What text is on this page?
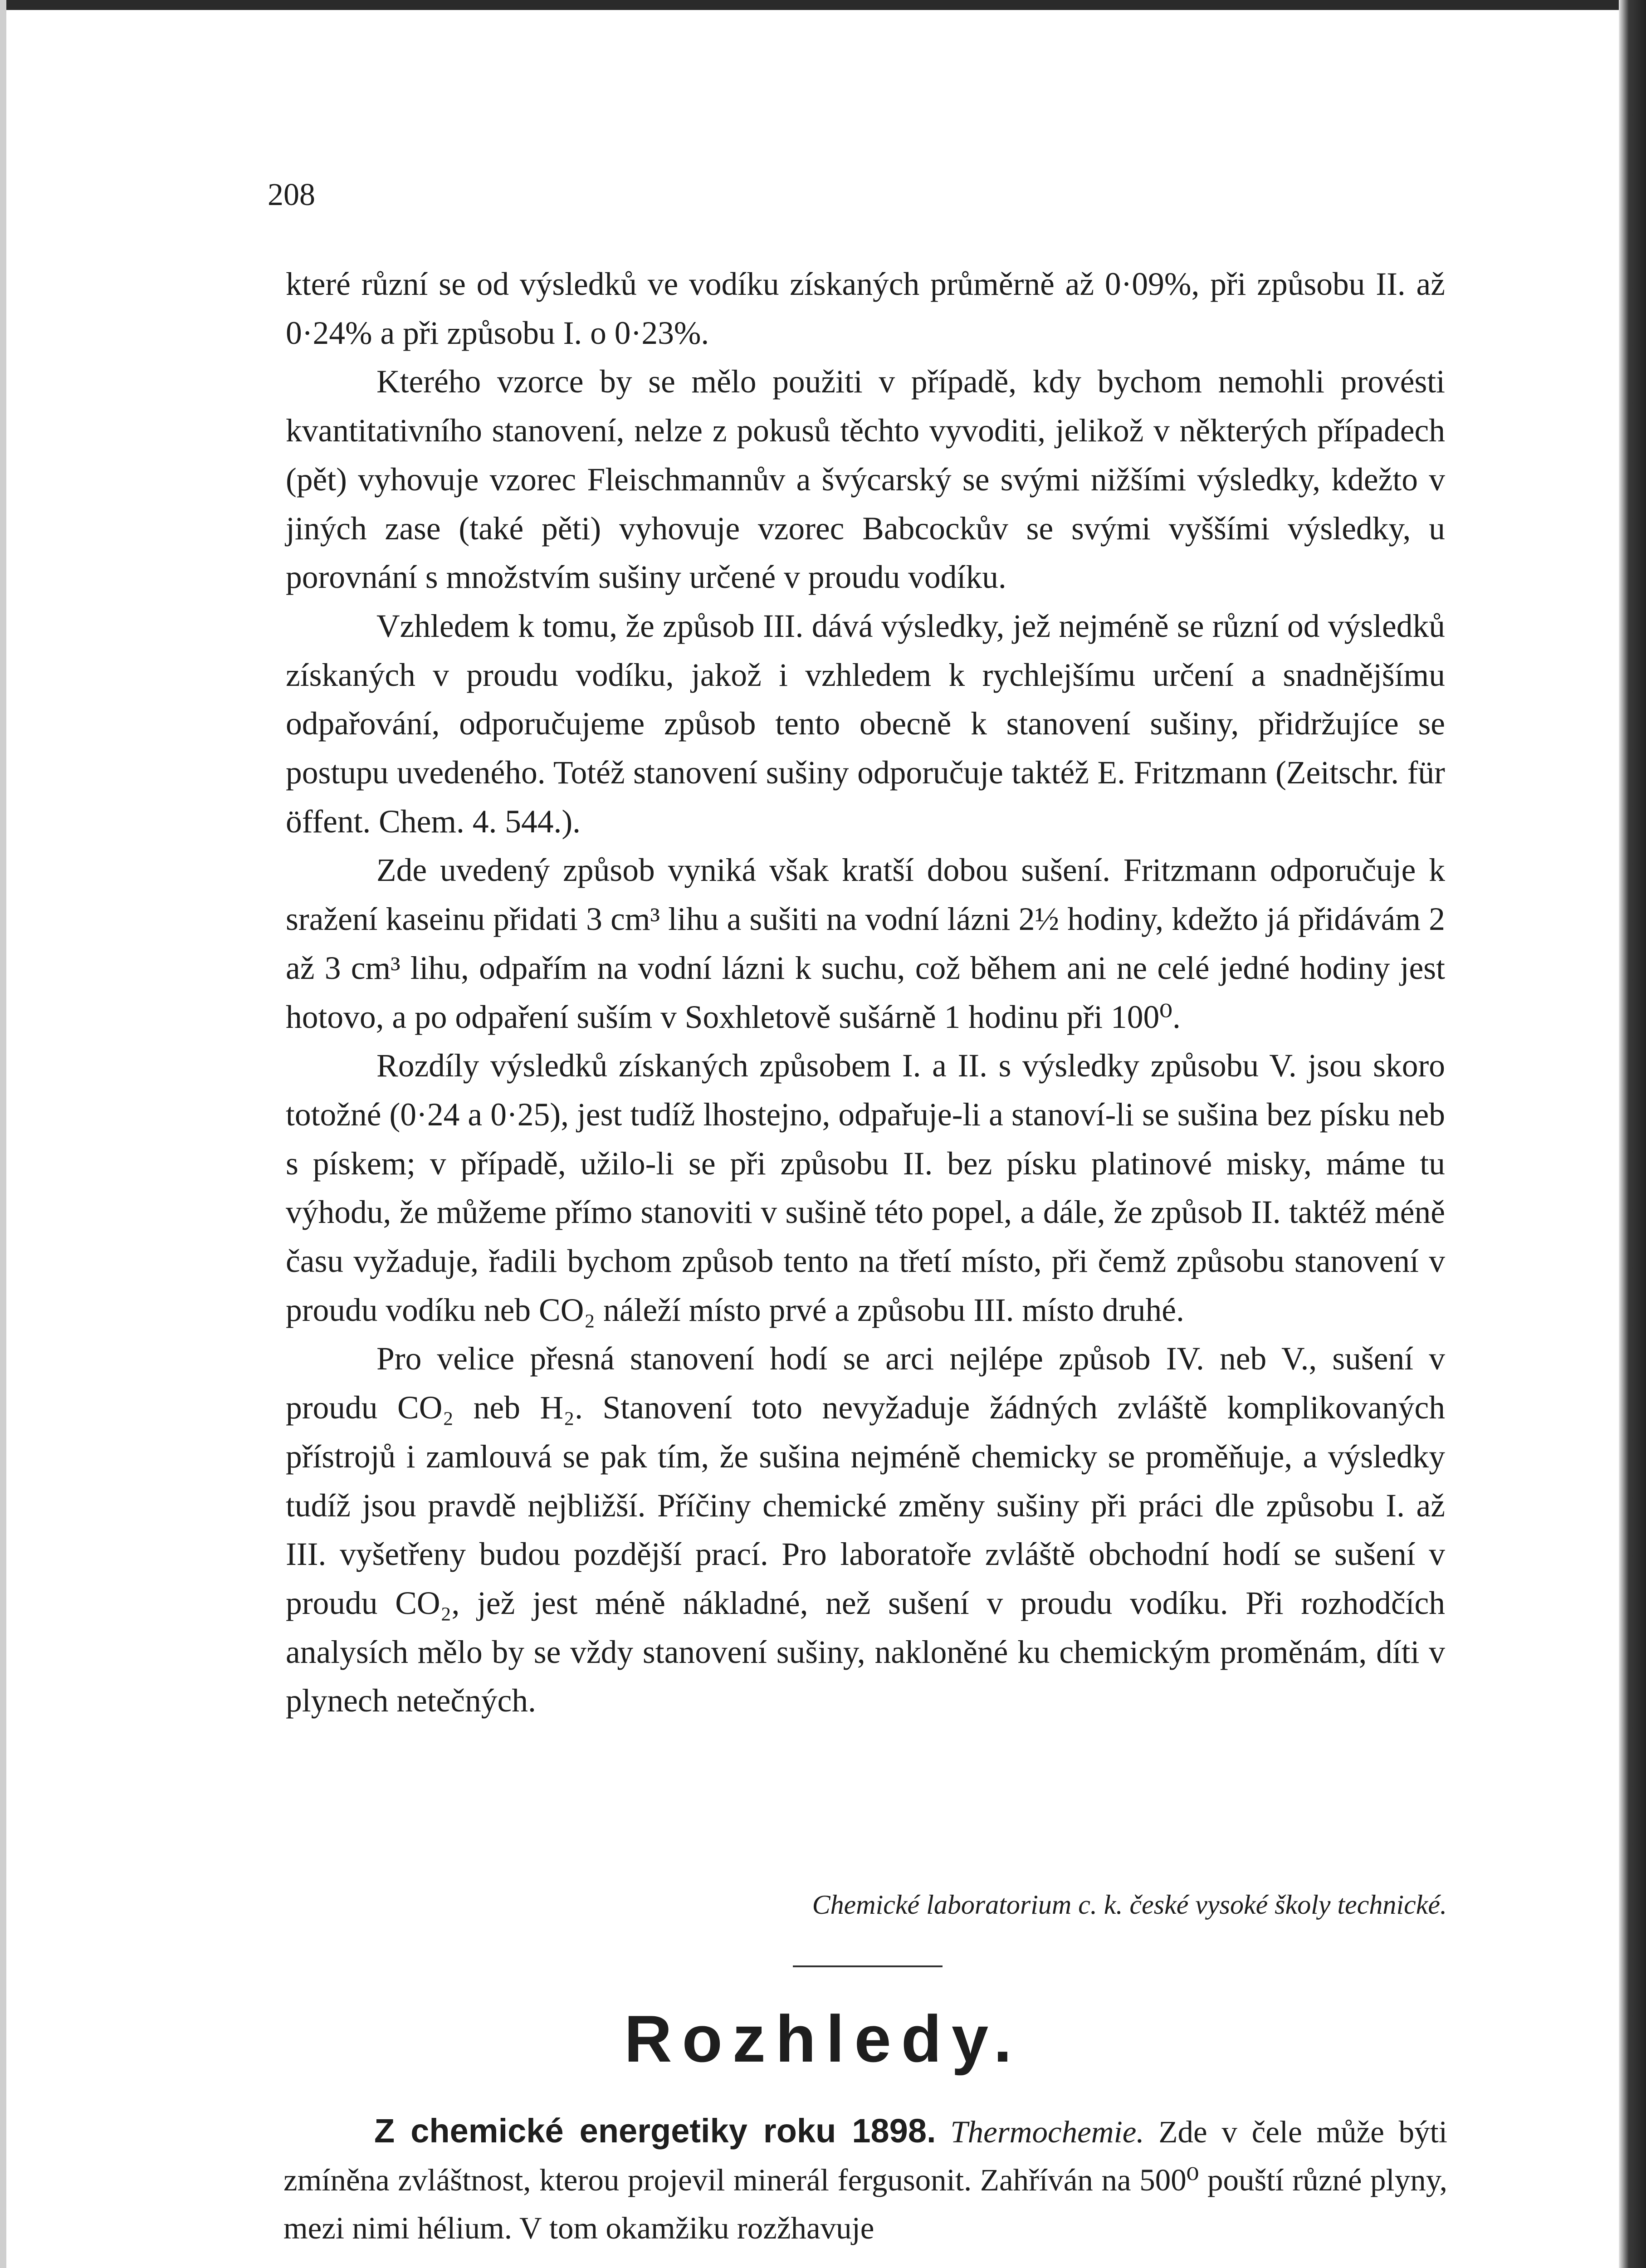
208

které různí se od výsledků ve vodíku získaných průměrně až 0·09%, při způsobu II. až 0·24% a při způsobu I. o 0·23%.

Kterého vzorce by se mělo použiti v případě, kdy bychom nemohli provésti kvantitativního stanovení, nelze z pokusů těchto vyvoditi, jelikož v některých případech (pět) vyhovuje vzorec Fleischmannův a švýcarský se svými nižšími výsledky, kdežto v jiných zase (také pěti) vyhovuje vzorec Babcockův se svými vyššími výsledky, u porovnání s množstvím sušiny určené v proudu vodíku.

Vzhledem k tomu, že způsob III. dává výsledky, jež nejméně se různí od výsledků získaných v proudu vodíku, jakož i vzhledem k rychlejšímu určení a snadnějšímu odpařování, odporučujeme způsob tento obecně k stanovení sušiny, přidržujíce se postupu uvedeného. Totéž stanovení sušiny odporučuje taktéž E. Fritzmann (Zeitschr. für öffent. Chem. 4. 544.).

Zde uvedený způsob vyniká však kratší dobou sušení. Fritzmann odporučuje k sražení kaseinu přidati 3 cm³ lihu a sušiti na vodní lázni 2½ hodiny, kdežto já přidávám 2 až 3 cm³ lihu, odpařím na vodní lázni k suchu, což během ani ne celé jedné hodiny jest hotovo, a po odpaření suším v Soxhletově sušárně 1 hodinu při 100⁰.

Rozdíly výsledků získaných způsobem I. a II. s výsledky způsobu V. jsou skoro totožné (0·24 a 0·25), jest tudíž lhostejno, odpařuje-li a stanoví-li se sušina bez písku neb s pískem; v případě, užilo-li se při způsobu II. bez písku platinové misky, máme tu výhodu, že můžeme přímo stanoviti v sušině této popel, a dále, že způsob II. taktéž méně času vyžaduje, řadili bychom způsob tento na třetí místo, při čemž způsobu stanovení v proudu vodíku neb CO₂ náleží místo prvé a způsobu III. místo druhé.

Pro velice přesná stanovení hodí se arci nejlépe způsob IV. neb V., sušení v proudu CO₂ neb H₂. Stanovení toto nevyžaduje žádných zvláště komplikovaných přístrojů i zamlouvá se pak tím, že sušina nejméně chemicky se proměňuje, a výsledky tudíž jsou pravdě nejbližší. Příčiny chemické změny sušiny při práci dle způsobu I. až III. vyšetřeny budou pozdější prací. Pro laboratoře zvláště obchodní hodí se sušení v proudu CO₂, jež jest méně nákladné, než sušení v proudu vodíku. Při rozhodčích analysích mělo by se vždy stanovení sušiny, nakloněné ku chemickým proměnám, díti v plynech netečných.

Chemické laboratorium c. k. české vysoké školy technické.

Rozhledy.

Z chemické energetiky roku 1898. Thermochemie. Zde v čele může býti zmíněna zvláštnost, kterou projevil minerál fergusonit. Zahříván na 500⁰ pouští různé plyny, mezi nimi hélium. V tom okamžiku rozžhavuje
